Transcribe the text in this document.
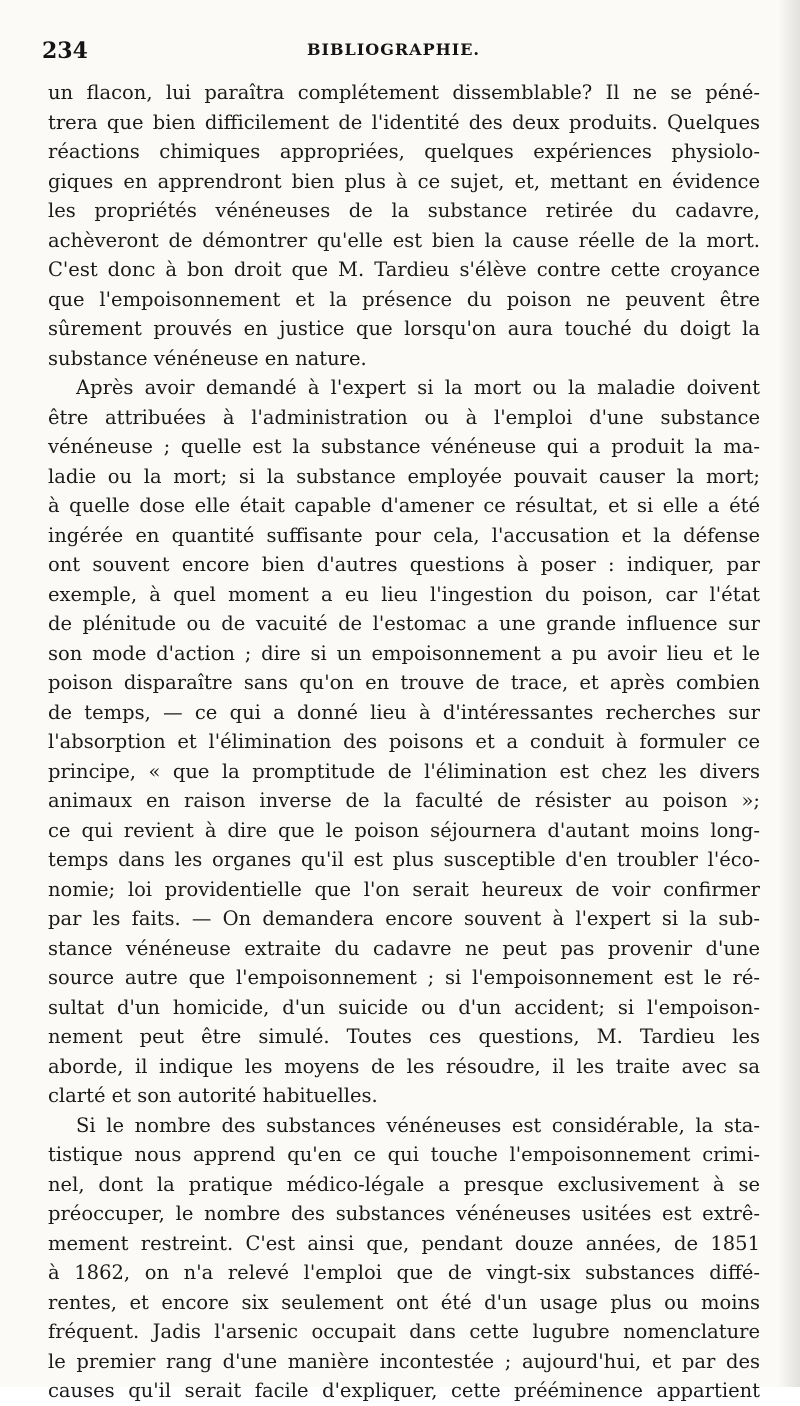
234	BIBLIOGRAPHIE.
un flacon, lui paraîtra complétement dissemblable? Il ne se péné-
trera que bien difficilement de l'identité des deux produits. Quelques
réactions chimiques appropriées, quelques expériences physiolo-
giques en apprendront bien plus à ce sujet, et, mettant en évidence
les propriétés vénéneuses de la substance retirée du cadavre,
achèveront de démontrer qu'elle est bien la cause réelle de la mort.
C'est donc à bon droit que M. Tardieu s'élève contre cette croyance
que l'empoisonnement et la présence du poison ne peuvent être
sûrement prouvés en justice que lorsqu'on aura touché du doigt la
substance vénéneuse en nature.
Après avoir demandé à l'expert si la mort ou la maladie doivent
être attribuées à l'administration ou à l'emploi d'une substance
vénéneuse ; quelle est la substance vénéneuse qui a produit la ma-
ladie ou la mort; si la substance employée pouvait causer la mort;
à quelle dose elle était capable d'amener ce résultat, et si elle a été
ingérée en quantité suffisante pour cela, l'accusation et la défense
ont souvent encore bien d'autres questions à poser : indiquer, par
exemple, à quel moment a eu lieu l'ingestion du poison, car l'état
de plénitude ou de vacuité de l'estomac a une grande influence sur
son mode d'action ; dire si un empoisonnement a pu avoir lieu et le
poison disparaître sans qu'on en trouve de trace, et après combien
de temps, — ce qui a donné lieu à d'intéressantes recherches sur
l'absorption et l'élimination des poisons et a conduit à formuler ce
principe, « que la promptitude de l'élimination est chez les divers
animaux en raison inverse de la faculté de résister au poison »;
ce qui revient à dire que le poison séjournera d'autant moins long-
temps dans les organes qu'il est plus susceptible d'en troubler l'éco-
nomie; loi providentielle que l'on serait heureux de voir confirmer
par les faits. — On demandera encore souvent à l'expert si la sub-
stance vénéneuse extraite du cadavre ne peut pas provenir d'une
source autre que l'empoisonnement ; si l'empoisonnement est le ré-
sultat d'un homicide, d'un suicide ou d'un accident; si l'empoison-
nement peut être simulé. Toutes ces questions, M. Tardieu les
aborde, il indique les moyens de les résoudre, il les traite avec sa
clarté et son autorité habituelles.
Si le nombre des substances vénéneuses est considérable, la sta-
tistique nous apprend qu'en ce qui touche l'empoisonnement crimi-
nel, dont la pratique médico-légale a presque exclusivement à se
préoccuper, le nombre des substances vénéneuses usitées est extrê-
mement restreint. C'est ainsi que, pendant douze années, de 1851
à 1862, on n'a relevé l'emploi que de vingt-six substances diffé-
rentes, et encore six seulement ont été d'un usage plus ou moins
fréquent. Jadis l'arsenic occupait dans cette lugubre nomenclature
le premier rang d'une manière incontestée ; aujourd'hui, et par des
causes qu'il serait facile d'expliquer, cette prééminence appartient
